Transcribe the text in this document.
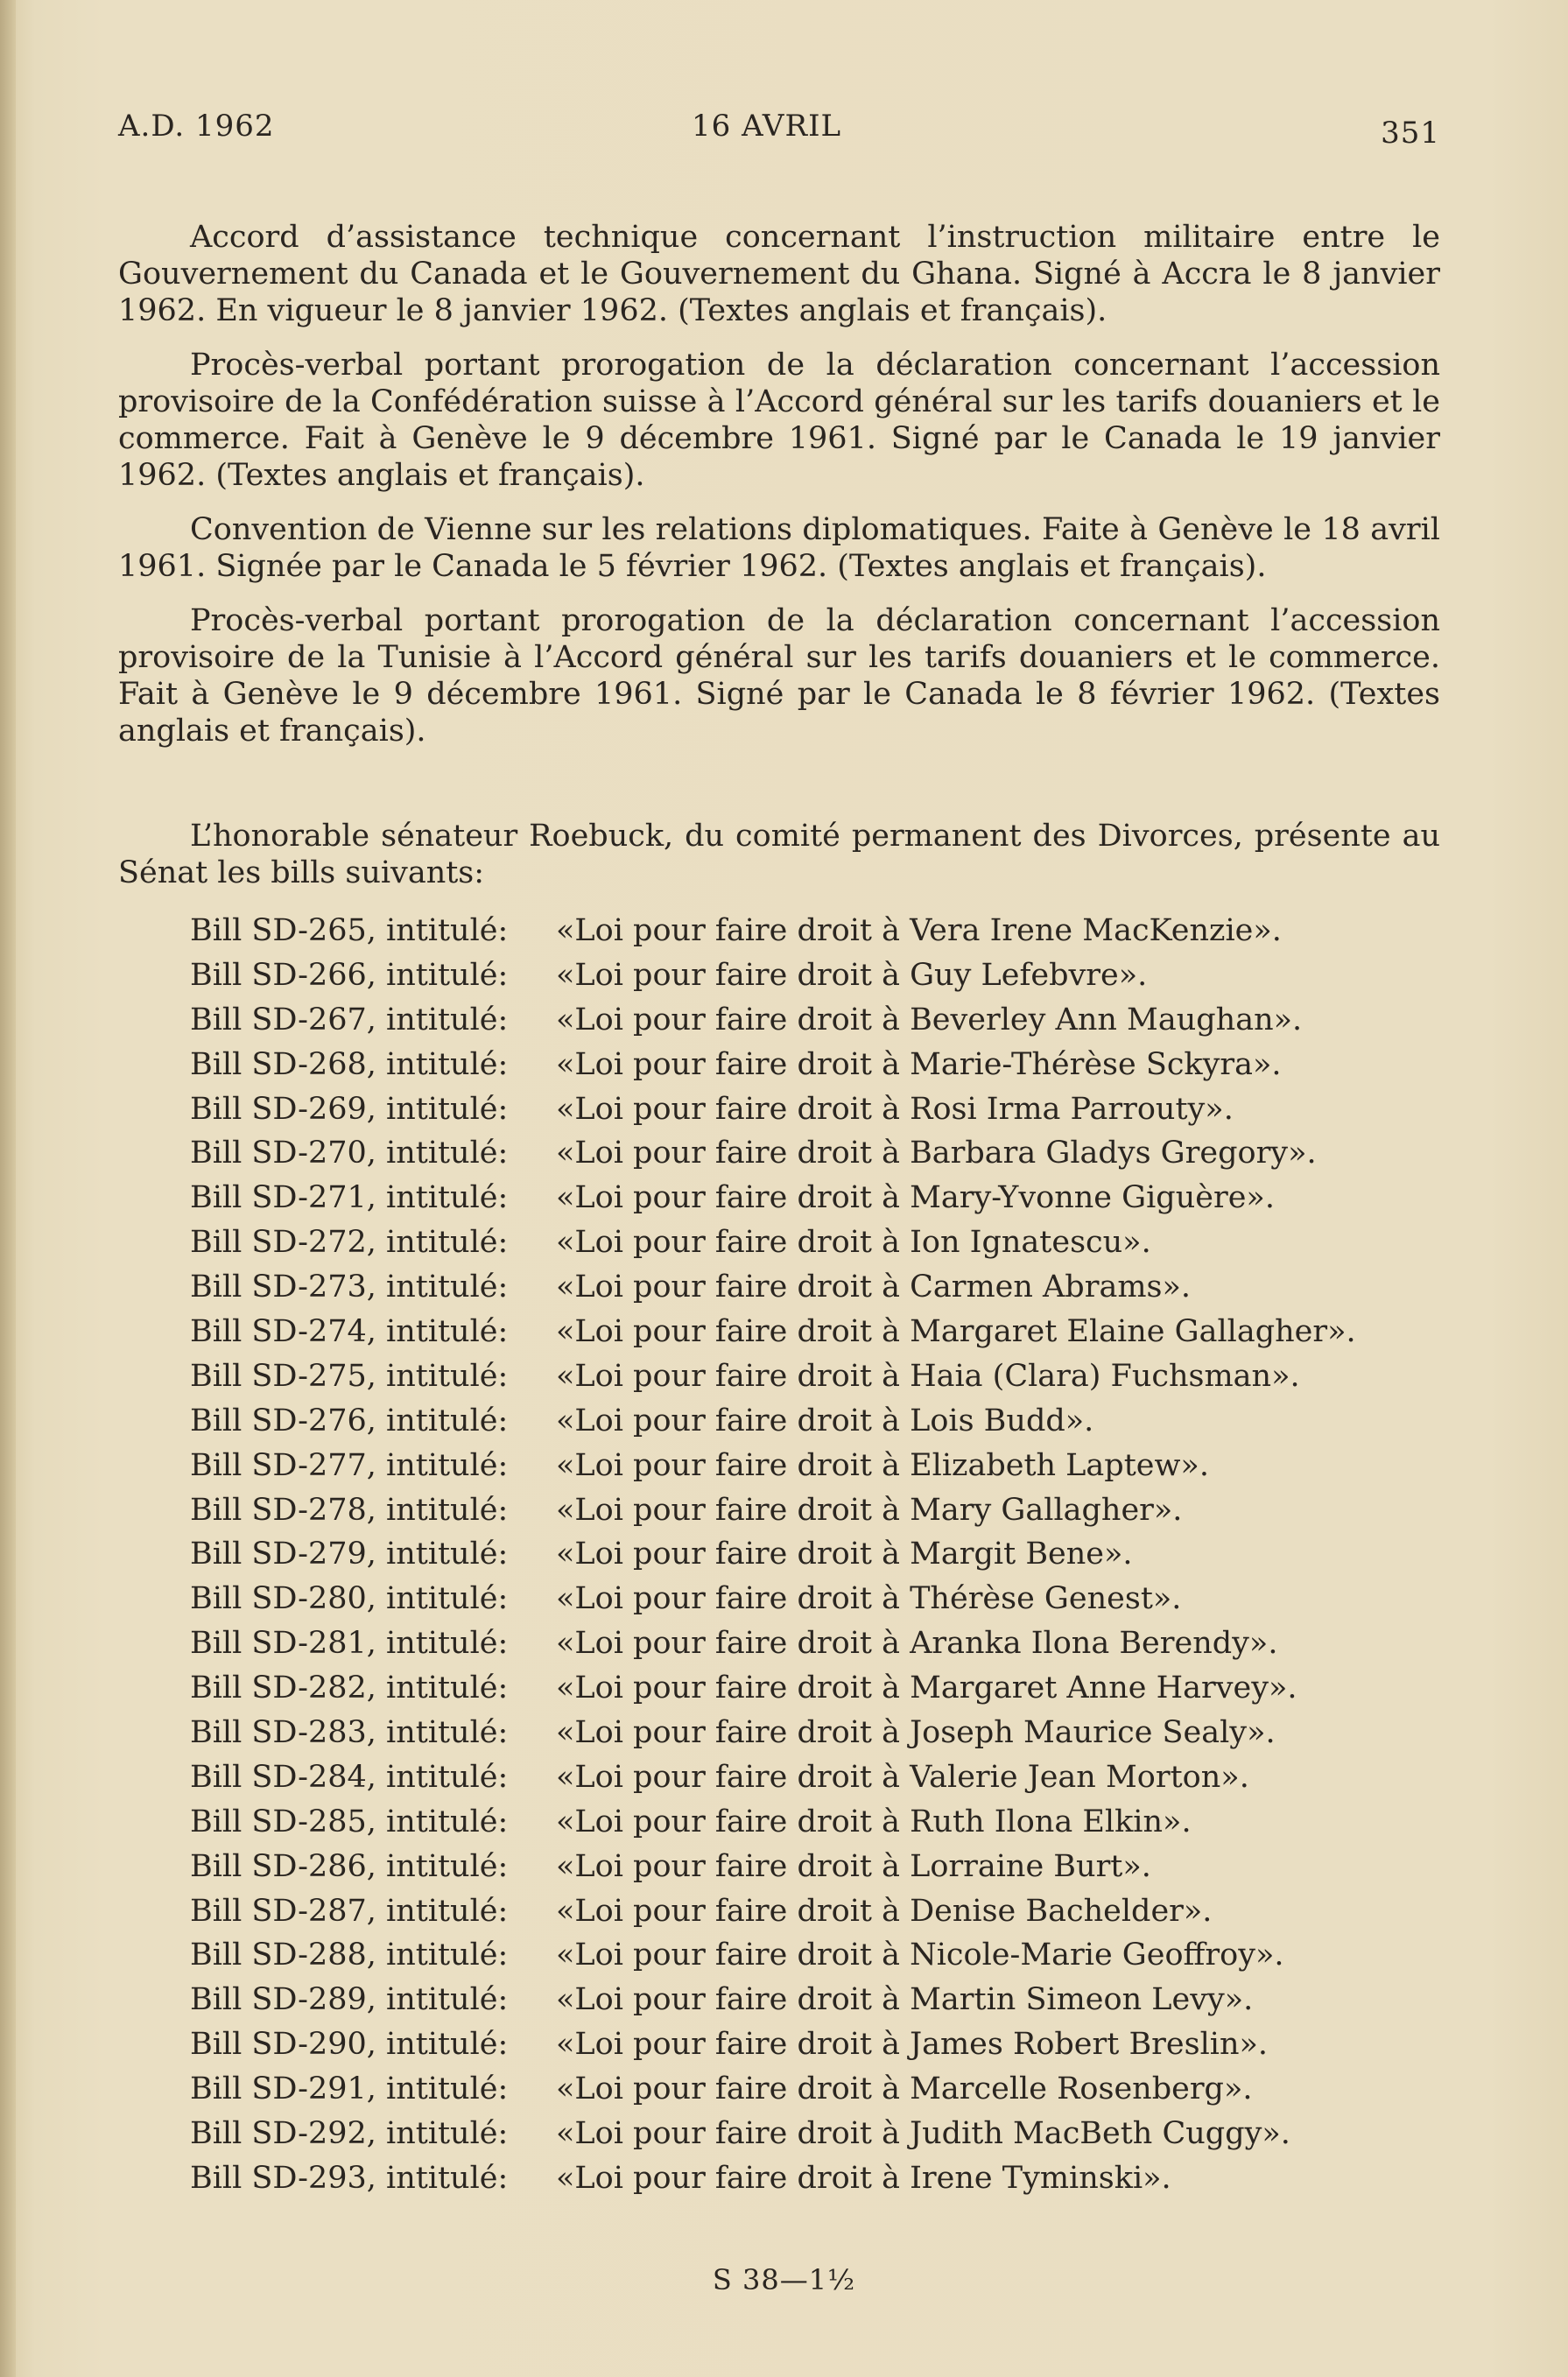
A.D. 1962	16 AVRIL	351

Accord d’assistance technique concernant l’instruction militaire entre le Gouvernement du Canada et le Gouvernement du Ghana. Signé à Accra le 8 janvier 1962. En vigueur le 8 janvier 1962. (Textes anglais et français).

Procès-verbal portant prorogation de la déclaration concernant l’accession provisoire de la Confédération suisse à l’Accord général sur les tarifs douaniers et le commerce. Fait à Genève le 9 décembre 1961. Signé par le Canada le 19 janvier 1962. (Textes anglais et français).

Convention de Vienne sur les relations diplomatiques. Faite à Genève le 18 avril 1961. Signée par le Canada le 5 février 1962. (Textes anglais et français).

Procès-verbal portant prorogation de la déclaration concernant l’accession provisoire de la Tunisie à l’Accord général sur les tarifs douaniers et le commerce. Fait à Genève le 9 décembre 1961. Signé par le Canada le 8 février 1962. (Textes anglais et français).

L’honorable sénateur Roebuck, du comité permanent des Divorces, présente au Sénat les bills suivants:

Bill SD-265, intitulé: «Loi pour faire droit à Vera Irene MacKenzie».
Bill SD-266, intitulé: «Loi pour faire droit à Guy Lefebvre».
Bill SD-267, intitulé: «Loi pour faire droit à Beverley Ann Maughan».
Bill SD-268, intitulé: «Loi pour faire droit à Marie-Thérèse Sckyra».
Bill SD-269, intitulé: «Loi pour faire droit à Rosi Irma Parrouty».
Bill SD-270, intitulé: «Loi pour faire droit à Barbara Gladys Gregory».
Bill SD-271, intitulé: «Loi pour faire droit à Mary-Yvonne Giguère».
Bill SD-272, intitulé: «Loi pour faire droit à Ion Ignatescu».
Bill SD-273, intitulé: «Loi pour faire droit à Carmen Abrams».
Bill SD-274, intitulé: «Loi pour faire droit à Margaret Elaine Gallagher».
Bill SD-275, intitulé: «Loi pour faire droit à Haia (Clara) Fuchsman».
Bill SD-276, intitulé: «Loi pour faire droit à Lois Budd».
Bill SD-277, intitulé: «Loi pour faire droit à Elizabeth Laptew».
Bill SD-278, intitulé: «Loi pour faire droit à Mary Gallagher».
Bill SD-279, intitulé: «Loi pour faire droit à Margit Bene».
Bill SD-280, intitulé: «Loi pour faire droit à Thérèse Genest».
Bill SD-281, intitulé: «Loi pour faire droit à Aranka Ilona Berendy».
Bill SD-282, intitulé: «Loi pour faire droit à Margaret Anne Harvey».
Bill SD-283, intitulé: «Loi pour faire droit à Joseph Maurice Sealy».
Bill SD-284, intitulé: «Loi pour faire droit à Valerie Jean Morton».
Bill SD-285, intitulé: «Loi pour faire droit à Ruth Ilona Elkin».
Bill SD-286, intitulé: «Loi pour faire droit à Lorraine Burt».
Bill SD-287, intitulé: «Loi pour faire droit à Denise Bachelder».
Bill SD-288, intitulé: «Loi pour faire droit à Nicole-Marie Geoffroy».
Bill SD-289, intitulé: «Loi pour faire droit à Martin Simeon Levy».
Bill SD-290, intitulé: «Loi pour faire droit à James Robert Breslin».
Bill SD-291, intitulé: «Loi pour faire droit à Marcelle Rosenberg».
Bill SD-292, intitulé: «Loi pour faire droit à Judith MacBeth Cuggy».
Bill SD-293, intitulé: «Loi pour faire droit à Irene Tyminski».
S 38—1½
